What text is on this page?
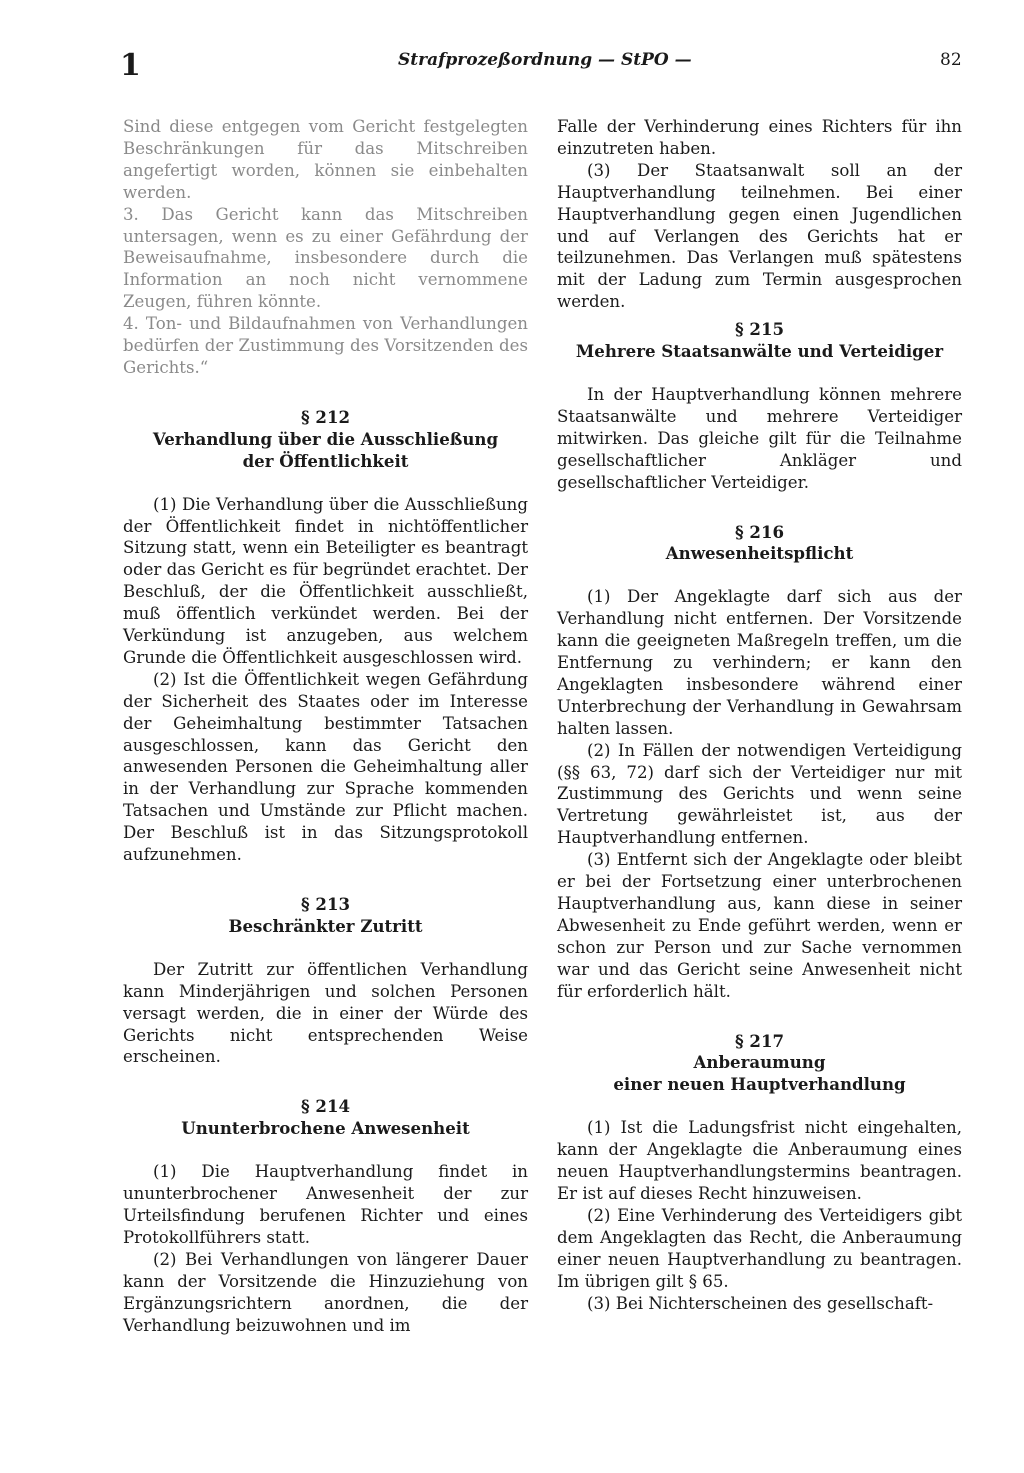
1	Strafprozeßordnung — StPO —	82

Sind diese entgegen vom Gericht festgelegten Beschränkungen für das Mitschreiben angefertigt worden, können sie einbehalten werden.

3. Das Gericht kann das Mitschreiben untersagen, wenn es zu einer Gefährdung der Beweisaufnahme, insbesondere durch die Information an noch nicht vernommene Zeugen, führen könnte.

4. Ton- und Bildaufnahmen von Verhandlungen bedürfen der Zustimmung des Vorsitzenden des Gerichts.“

§ 212

Verhandlung über die Ausschließung

der Öffentlichkeit

(1) Die Verhandlung über die Ausschließung der Öffentlichkeit findet in nichtöffentlicher Sitzung statt, wenn ein Beteiligter es beantragt oder das Gericht es für begründet erachtet. Der Beschluß, der die Öffentlichkeit ausschließt, muß öffentlich verkündet werden. Bei der Verkündung ist anzugeben, aus welchem Grunde die Öffentlichkeit ausgeschlossen wird.

(2) Ist die Öffentlichkeit wegen Gefährdung der Sicherheit des Staates oder im Interesse der Geheimhaltung bestimmter Tatsachen ausgeschlossen, kann das Gericht den anwesenden Personen die Geheimhaltung aller in der Verhandlung zur Sprache kommenden Tatsachen und Umstände zur Pflicht machen. Der Beschluß ist in das Sitzungsprotokoll aufzunehmen.

§ 213

Beschränkter Zutritt

Der Zutritt zur öffentlichen Verhandlung kann Minderjährigen und solchen Personen versagt werden, die in einer der Würde des Gerichts nicht entsprechenden Weise erscheinen.

§ 214

Ununterbrochene Anwesenheit

(1) Die Hauptverhandlung findet in ununterbrochener Anwesenheit der zur Urteilsfindung berufenen Richter und eines Protokollführers statt.

(2) Bei Verhandlungen von längerer Dauer kann der Vorsitzende die Hinzuziehung von Ergänzungsrichtern anordnen, die der Verhandlung beizuwohnen und im

Falle der Verhinderung eines Richters für ihn einzutreten haben.

(3) Der Staatsanwalt soll an der Hauptverhandlung teilnehmen. Bei einer Hauptverhandlung gegen einen Jugendlichen und auf Verlangen des Gerichts hat er teilzunehmen. Das Verlangen muß spätestens mit der Ladung zum Termin ausgesprochen werden.

§ 215

Mehrere Staatsanwälte und Verteidiger

In der Hauptverhandlung können mehrere Staatsanwälte und mehrere Verteidiger mitwirken. Das gleiche gilt für die Teilnahme gesellschaftlicher Ankläger und gesellschaftlicher Verteidiger.

§ 216

Anwesenheitspflicht

(1) Der Angeklagte darf sich aus der Verhandlung nicht entfernen. Der Vorsitzende kann die geeigneten Maßregeln treffen, um die Entfernung zu verhindern; er kann den Angeklagten insbesondere während einer Unterbrechung der Verhandlung in Gewahrsam halten lassen.

(2) In Fällen der notwendigen Verteidigung (§§ 63, 72) darf sich der Verteidiger nur mit Zustimmung des Gerichts und wenn seine Vertretung gewährleistet ist, aus der Hauptverhandlung entfernen.

(3) Entfernt sich der Angeklagte oder bleibt er bei der Fortsetzung einer unterbrochenen Hauptverhandlung aus, kann diese in seiner Abwesenheit zu Ende geführt werden, wenn er schon zur Person und zur Sache vernommen war und das Gericht seine Anwesenheit nicht für erforderlich hält.

§ 217

Anberaumung

einer neuen Hauptverhandlung

(1) Ist die Ladungsfrist nicht eingehalten, kann der Angeklagte die Anberaumung eines neuen Hauptverhandlungstermins beantragen. Er ist auf dieses Recht hinzuweisen.

(2) Eine Verhinderung des Verteidigers gibt dem Angeklagten das Recht, die Anberaumung einer neuen Hauptverhandlung zu beantragen. Im übrigen gilt § 65.

(3) Bei Nichterscheinen des gesellschaft-
